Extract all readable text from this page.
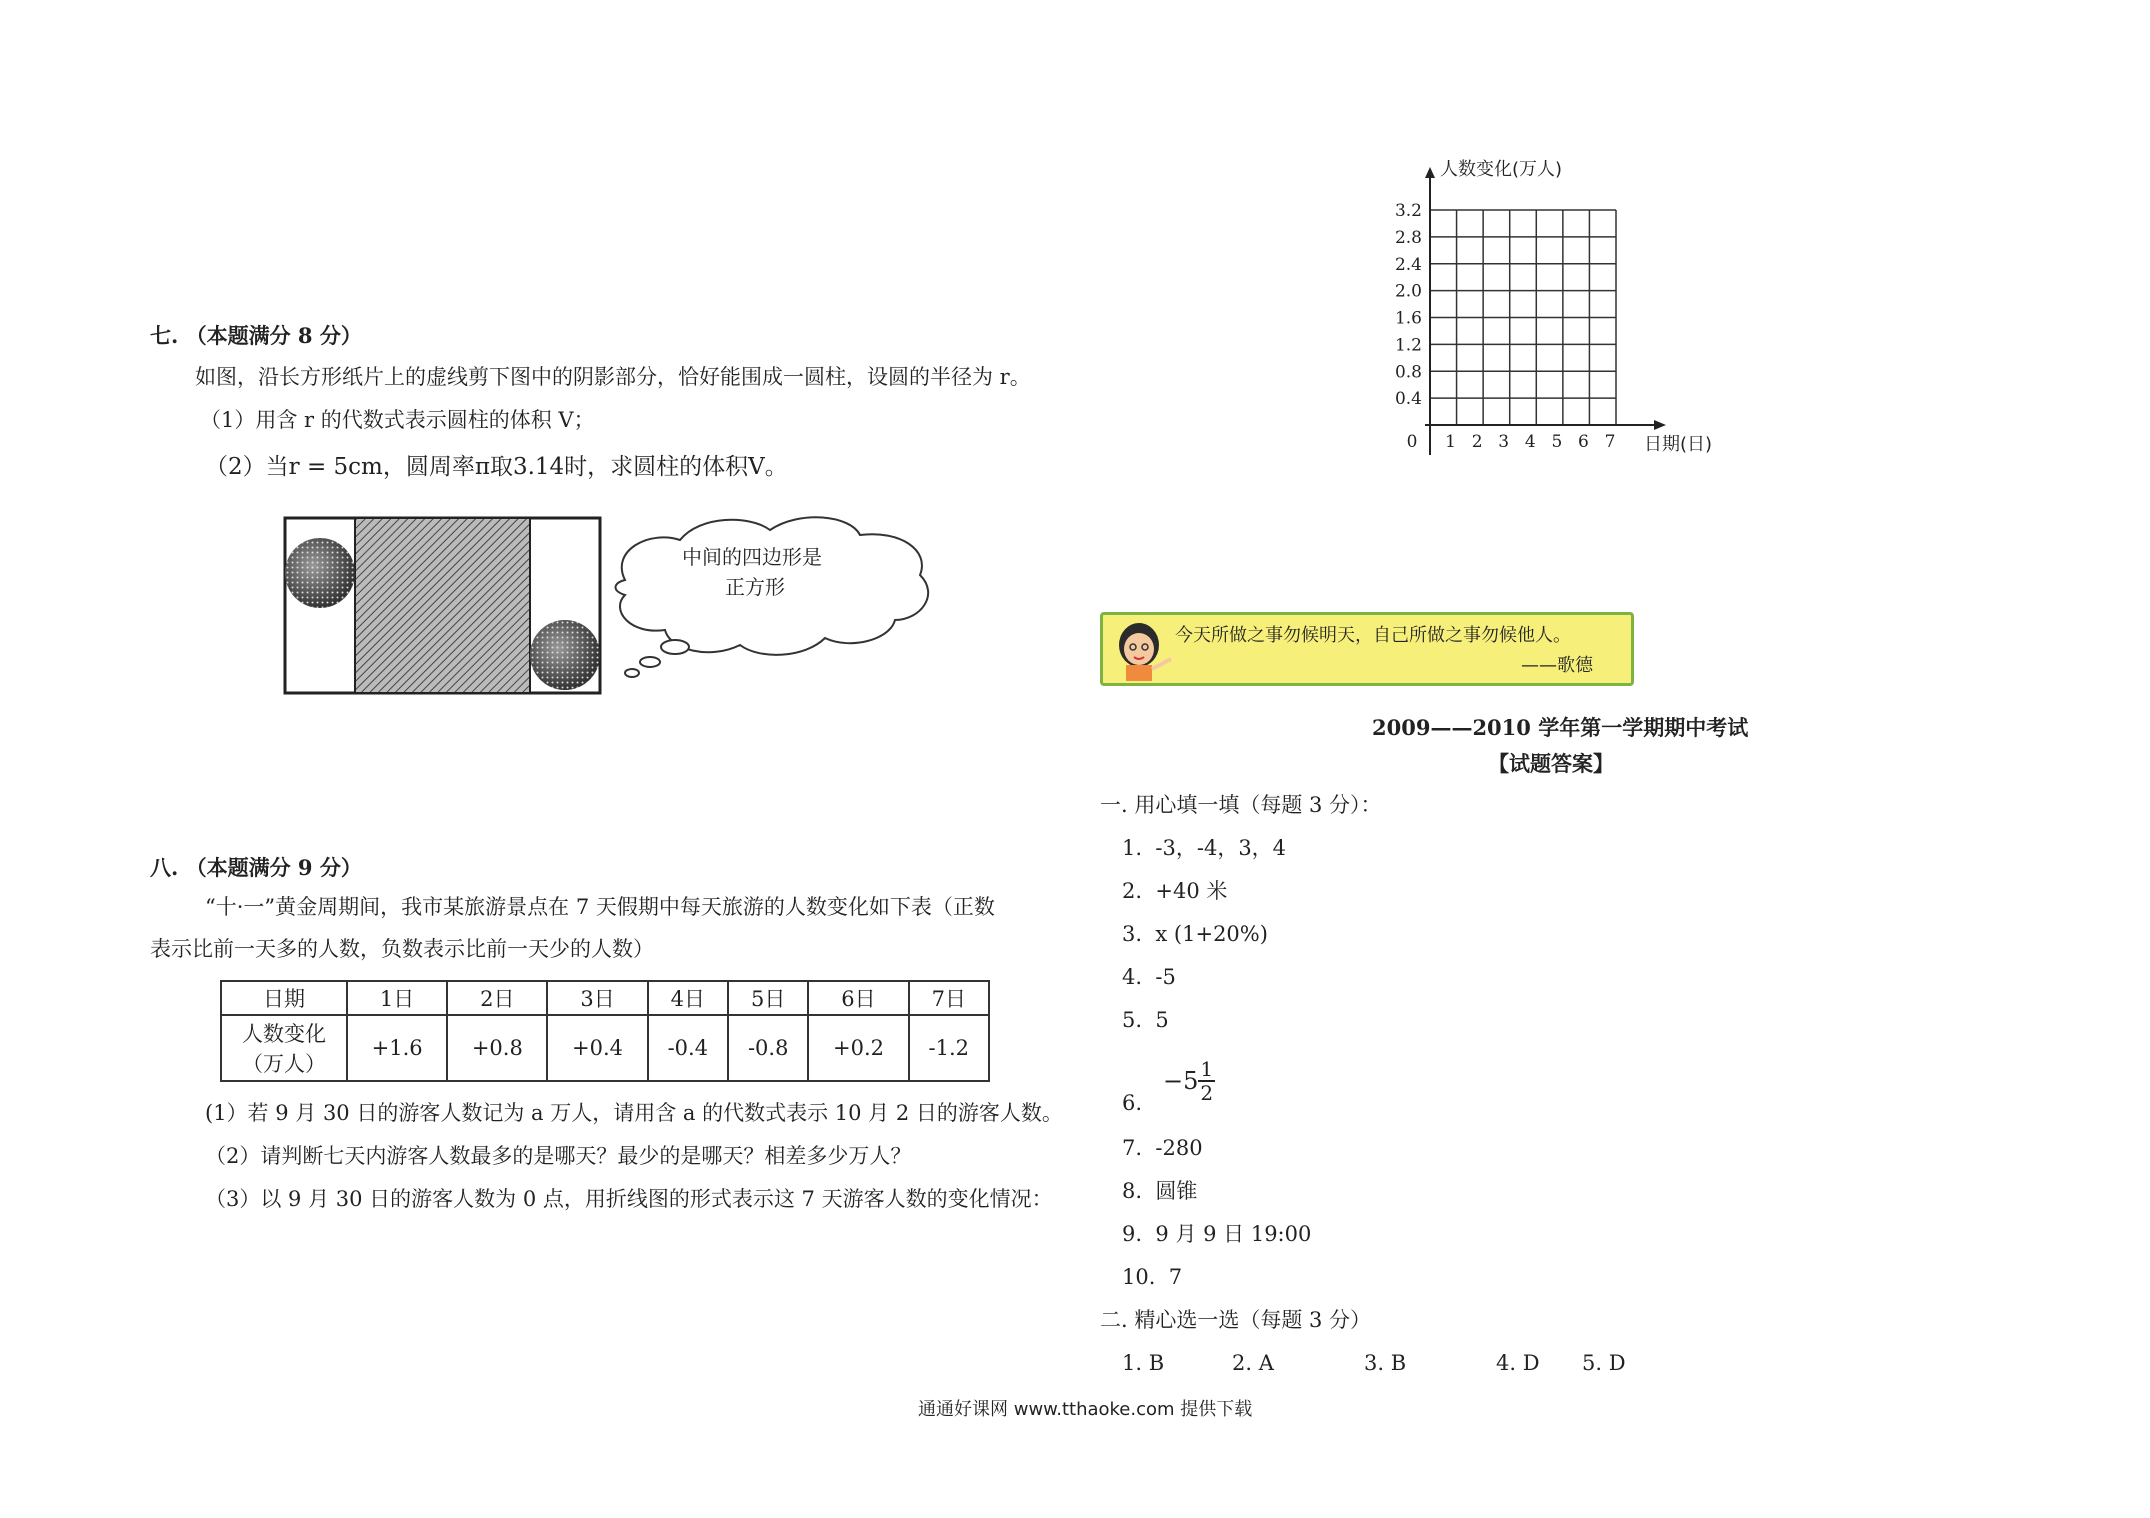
七. （本题满分 8 分）
如图，沿长方形纸片上的虚线剪下图中的阴影部分，恰好能围成一圆柱，设圆的半径为 r。
（1）用含 r 的代数式表示圆柱的体积 V；
（2）当r = 5cm，圆周率π取3.14时，求圆柱的体积V。
中间的四边形是
正方形
八. （本题满分 9 分）
“十·一”黄金周期间，我市某旅游景点在 7 天假期中每天旅游的人数变化如下表（正数
表示比前一天多的人数，负数表示比前一天少的人数）
日期	1日	2日	3日	4日	5日	6日	7日

人数变化
（万人）	+1.6	+0.8	+0.4	-0.4	-0.8	+0.2	-1.2
(1）若 9 月 30 日的游客人数记为 a 万人，请用含 a 的代数式表示 10 月 2 日的游客人数。
（2）请判断七天内游客人数最多的是哪天？最少的是哪天？相差多少万人？
（3）以 9 月 30 日的游客人数为 0 点，用折线图的形式表示这 7 天游客人数的变化情况：
0.4
0.8
1.2
1.6
2.0
2.4
2.8
3.2
1 2 3 4 5 6 7
0
人数变化(万人)
日期(日)
今天所做之事勿候明天，自己所做之事勿候他人。
——歌德
2009——2010 学年第一学期期中考试
【试题答案】
一. 用心填一填（每题 3 分）：
1. -3，-4，3，4
2. +40 米
3. x (1+20%)
4. -5
5. 5
6.
$-5 \frac{1}{2}$
7. -280
8. 圆锥
9. 9 月 9 日 19:00
10. 7
二. 精心选一选（每题 3 分）
1. B	2. A	3. B	4. D 5. D
通通好课网 www.tthaoke.com 提供下载
